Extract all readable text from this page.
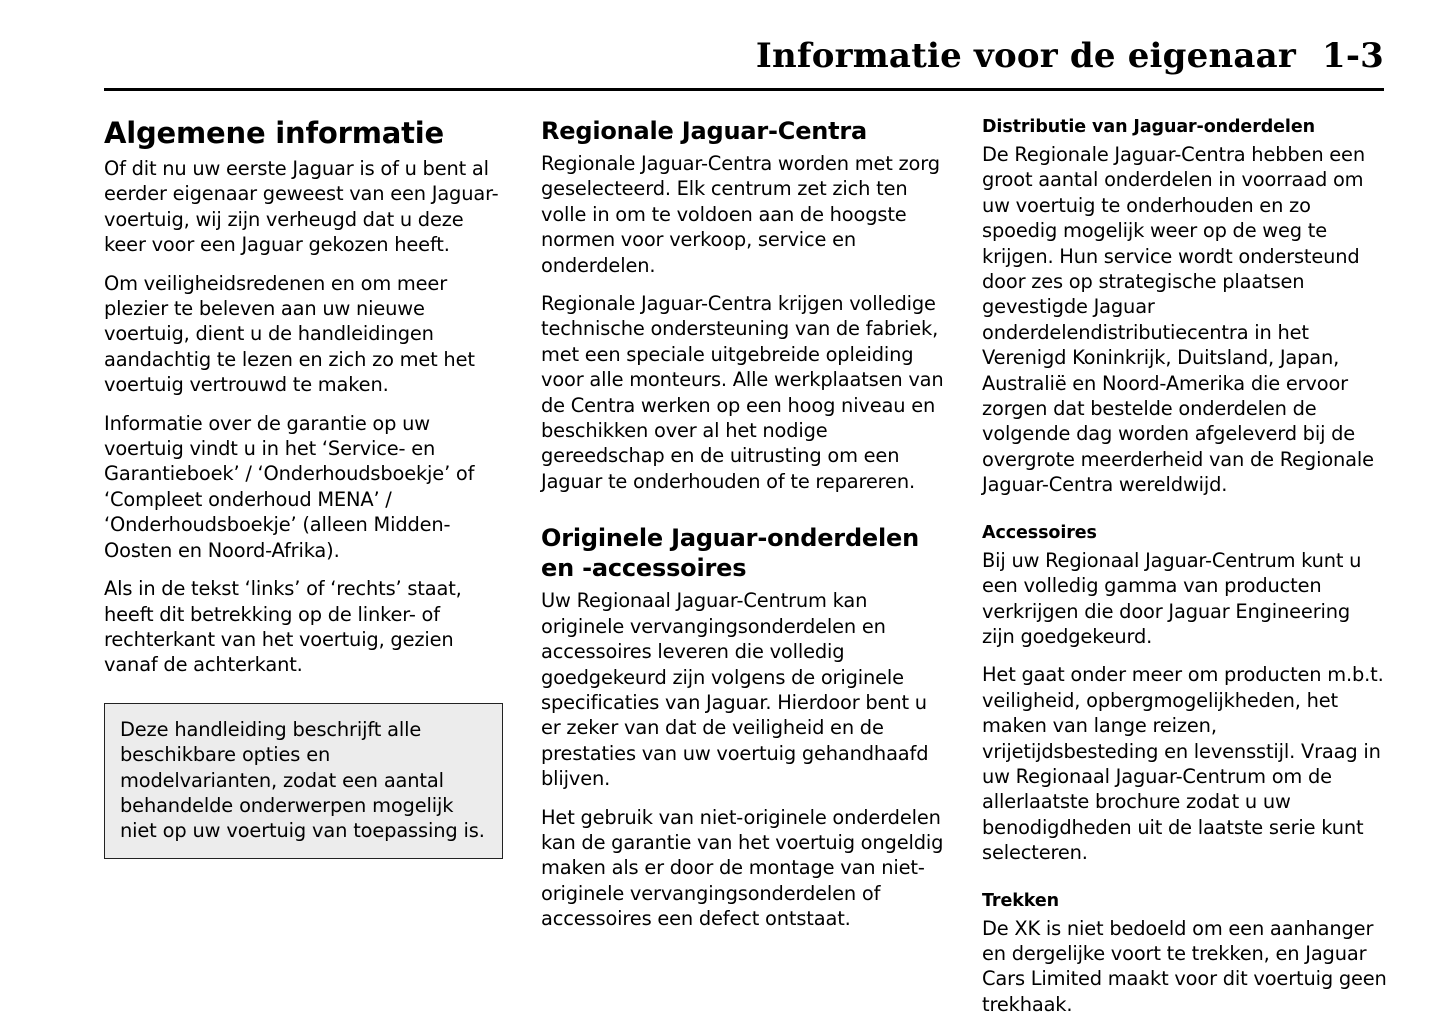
Informatie voor de eigenaar 1-3
Algemene informatie

Of dit nu uw eerste Jaguar is of u bent al eerder eigenaar geweest van een Jaguar-voertuig, wij zijn verheugd dat u deze keer voor een Jaguar gekozen heeft.

Om veiligheidsredenen en om meer plezier te beleven aan uw nieuwe voertuig, dient u de handleidingen aandachtig te lezen en zich zo met het voertuig vertrouwd te maken.

Informatie over de garantie op uw voertuig vindt u in het ‘Service- en Garantieboek’ / ‘Onderhoudsboekje’ of ‘Compleet onderhoud MENA’ / ‘Onderhoudsboekje’ (alleen Midden-Oosten en Noord-Afrika).

Als in de tekst ‘links’ of ‘rechts’ staat, heeft dit betrekking op de linker- of rechterkant van het voertuig, gezien vanaf de achterkant.

Deze handleiding beschrijft alle beschikbare opties en modelvarianten, zodat een aantal behandelde onderwerpen mogelijk niet op uw voertuig van toepassing is.

Regionale Jaguar-Centra

Regionale Jaguar-Centra worden met zorg geselecteerd. Elk centrum zet zich ten volle in om te voldoen aan de hoogste normen voor verkoop, service en onderdelen.

Regionale Jaguar-Centra krijgen volledige technische ondersteuning van de fabriek, met een speciale uitgebreide opleiding voor alle monteurs. Alle werkplaatsen van de Centra werken op een hoog niveau en beschikken over al het nodige gereedschap en de uitrusting om een Jaguar te onderhouden of te repareren.

Originele Jaguar-onderdelen en -accessoires

Uw Regionaal Jaguar-Centrum kan originele vervangingsonderdelen en accessoires leveren die volledig goedgekeurd zijn volgens de originele specificaties van Jaguar. Hierdoor bent u er zeker van dat de veiligheid en de prestaties van uw voertuig gehandhaafd blijven.

Het gebruik van niet-originele onderdelen kan de garantie van het voertuig ongeldig maken als er door de montage van niet-originele vervangingsonderdelen of accessoires een defect ontstaat.

Distributie van Jaguar-onderdelen

De Regionale Jaguar-Centra hebben een groot aantal onderdelen in voorraad om uw voertuig te onderhouden en zo spoedig mogelijk weer op de weg te krijgen. Hun service wordt ondersteund door zes op strategische plaatsen gevestigde Jaguar onderdelendistributiecentra in het Verenigd Koninkrijk, Duitsland, Japan, Australië en Noord-Amerika die ervoor zorgen dat bestelde onderdelen de volgende dag worden afgeleverd bij de overgrote meerderheid van de Regionale Jaguar-Centra wereldwijd.

Accessoires

Bij uw Regionaal Jaguar-Centrum kunt u een volledig gamma van producten verkrijgen die door Jaguar Engineering zijn goedgekeurd.

Het gaat onder meer om producten m.b.t. veiligheid, opbergmogelijkheden, het maken van lange reizen, vrijetijdsbesteding en levensstijl. Vraag in uw Regionaal Jaguar-Centrum om de allerlaatste brochure zodat u uw benodigdheden uit de laatste serie kunt selecteren.

Trekken

De XK is niet bedoeld om een aanhanger en dergelijke voort te trekken, en Jaguar Cars Limited maakt voor dit voertuig geen trekhaak.
